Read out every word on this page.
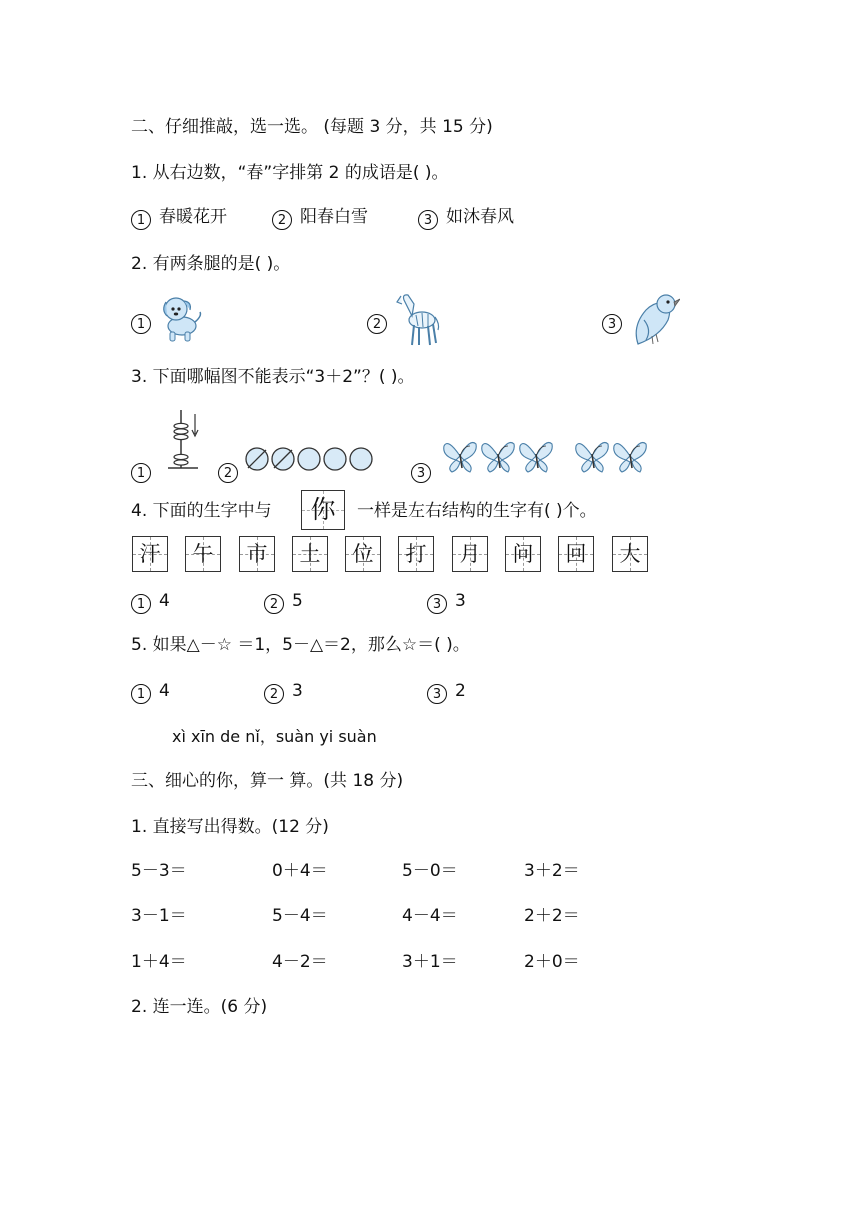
二、仔细推敲，选一选。 (每题 3 分，共 15 分)
1. 从右边数，“春”字排第 2 的成语是( )。
1 春暖花开	2 阳春白雪	3 如沐春风
2. 有两条腿的是( )。
1	2	3
3. 下面哪幅图不能表示“3＋2”？( )。
1	2	3
4. 下面的生字中与	你	一样是左右结构的生字有( )个。
汗	午	市	土	位	打	月	问	回	大
1 4	2 5	3 3
5. 如果△－☆ ＝1，5－△＝2，那么☆＝( )。
1 4	2 3	3 2
xì xīn de nǐ，suàn yi suàn
三、细心的你，算一 算。(共 18 分)
1. 直接写出得数。(12 分)
5－3＝	0＋4＝	5－0＝	3＋2＝
3－1＝	5－4＝	4－4＝	2＋2＝
1＋4＝	4－2＝	3＋1＝	2＋0＝
2. 连一连。(6 分)
